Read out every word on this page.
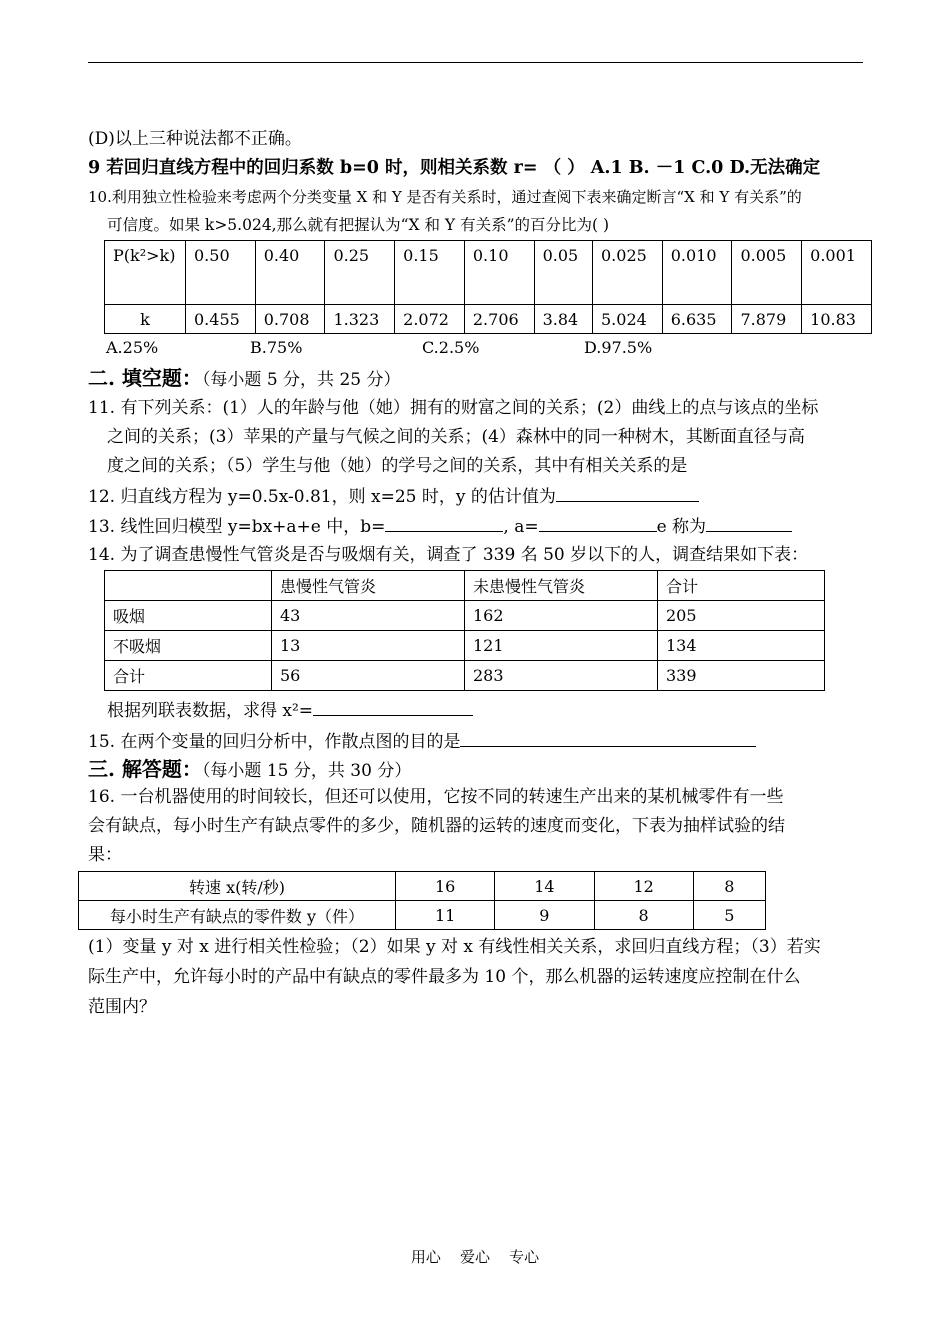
(D)以上三种说法都不正确。
9 若回归直线方程中的回归系数 b=0 时，则相关系数 r= （ ） A.1 B. －1 C.0 D.无法确定
10.利用独立性检验来考虑两个分类变量 X 和 Y 是否有关系时，通过查阅下表来确定断言“X 和 Y 有关系”的
可信度。如果 k>5.024,那么就有把握认为“X 和 Y 有关系”的百分比为( )
P(k²>k)	0.50	0.40	0.25	0.15	0.10	0.05	0.025	0.010	0.005	0.001
k	0.455	0.708	1.323	2.072	2.706	3.84	5.024	6.635	7.879	10.83
A.25%	B.75%	C.2.5%	D.97.5%
二. 填空题：（每小题 5 分，共 25 分）
11. 有下列关系：(1）人的年龄与他（她）拥有的财富之间的关系；(2）曲线上的点与该点的坐标
之间的关系；(3）苹果的产量与气候之间的关系；(4）森林中的同一种树木，其断面直径与高
度之间的关系；（5）学生与他（她）的学号之间的关系，其中有相关关系的是
12. 归直线方程为 y=0.5x-0.81，则 x=25 时，y 的估计值为
13. 线性回归模型 y=bx+a+e 中，b=	, a=	e 称为
14. 为了调查患慢性气管炎是否与吸烟有关，调查了 339 名 50 岁以下的人，调查结果如下表：
	患慢性气管炎	未患慢性气管炎	合计
吸烟	43	162	205
不吸烟	13	121	134
合计	56	283	339
根据列联表数据，求得 x²=
15. 在两个变量的回归分析中，作散点图的目的是
三. 解答题：（每小题 15 分，共 30 分）
16. 一台机器使用的时间较长，但还可以使用，它按不同的转速生产出来的某机械零件有一些
会有缺点，每小时生产有缺点零件的多少，随机器的运转的速度而变化，下表为抽样试验的结
果：
转速 x(转/秒)	16	14	12	8
每小时生产有缺点的零件数 y（件）	11	9	8	5
(1）变量 y 对 x 进行相关性检验；（2）如果 y 对 x 有线性相关关系，求回归直线方程；（3）若实
际生产中，允许每小时的产品中有缺点的零件最多为 10 个，那么机器的运转速度应控制在什么
范围内？
用心    爱心    专心
